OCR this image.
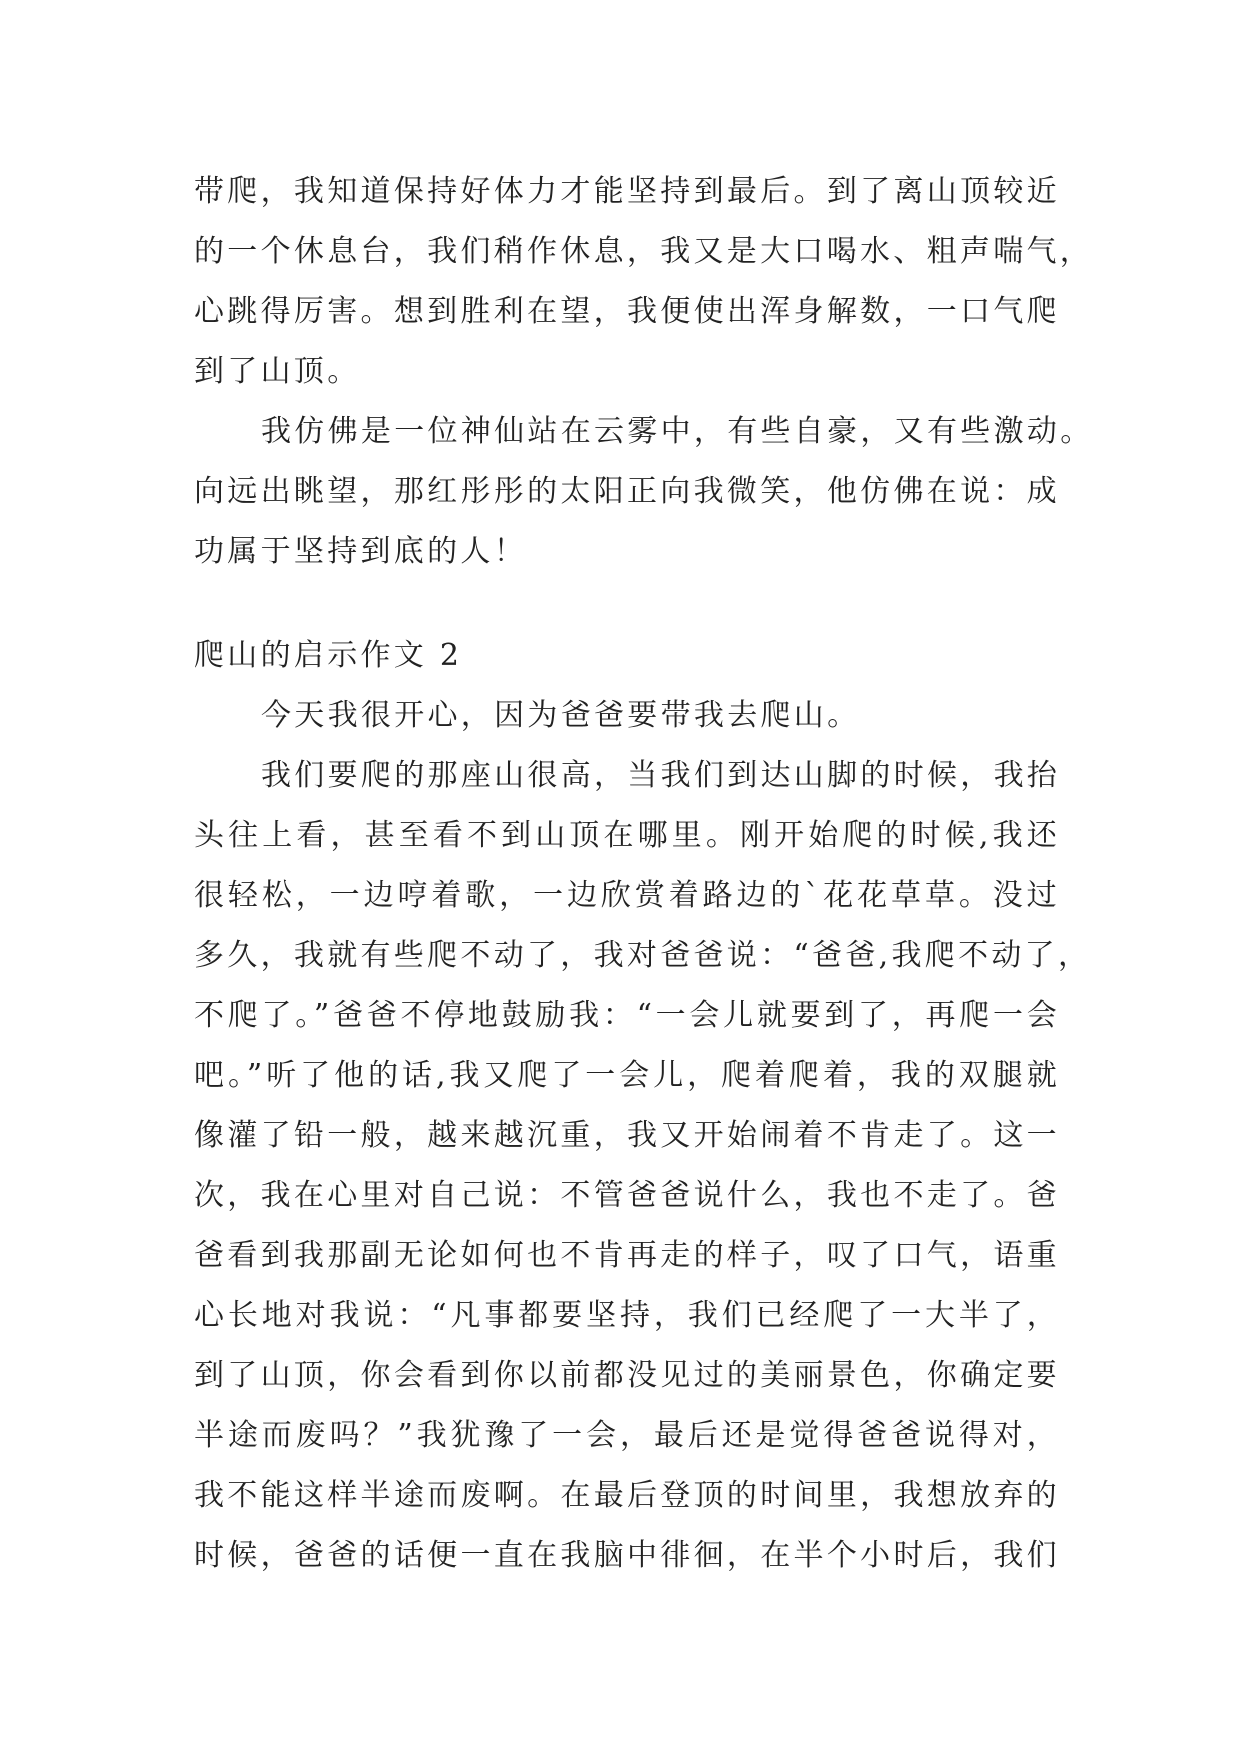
带爬，我知道保持好体力才能坚持到最后。到了离山顶较近
的一个休息台，我们稍作休息，我又是大口喝水、粗声喘气，
心跳得厉害。想到胜利在望，我便使出浑身解数，一口气爬
到了山顶。
我仿佛是一位神仙站在云雾中，有些自豪，又有些激动。
向远出眺望，那红彤彤的太阳正向我微笑，他仿佛在说：成
功属于坚持到底的人！
爬山的启示作文 2
今天我很开心，因为爸爸要带我去爬山。
我们要爬的那座山很高，当我们到达山脚的时候，我抬
头往上看，甚至看不到山顶在哪里。刚开始爬的时候,我还
很轻松，一边哼着歌，一边欣赏着路边的`花花草草。没过
多久，我就有些爬不动了，我对爸爸说：“爸爸,我爬不动了，
不爬了。”爸爸不停地鼓励我：“一会儿就要到了，再爬一会
吧。”听了他的话,我又爬了一会儿，爬着爬着，我的双腿就
像灌了铅一般，越来越沉重，我又开始闹着不肯走了。这一
次，我在心里对自己说：不管爸爸说什么，我也不走了。爸
爸看到我那副无论如何也不肯再走的样子，叹了口气，语重
心长地对我说：“凡事都要坚持，我们已经爬了一大半了，
到了山顶，你会看到你以前都没见过的美丽景色，你确定要
半途而废吗？”我犹豫了一会，最后还是觉得爸爸说得对，
我不能这样半途而废啊。在最后登顶的时间里，我想放弃的
时候，爸爸的话便一直在我脑中徘徊，在半个小时后，我们
